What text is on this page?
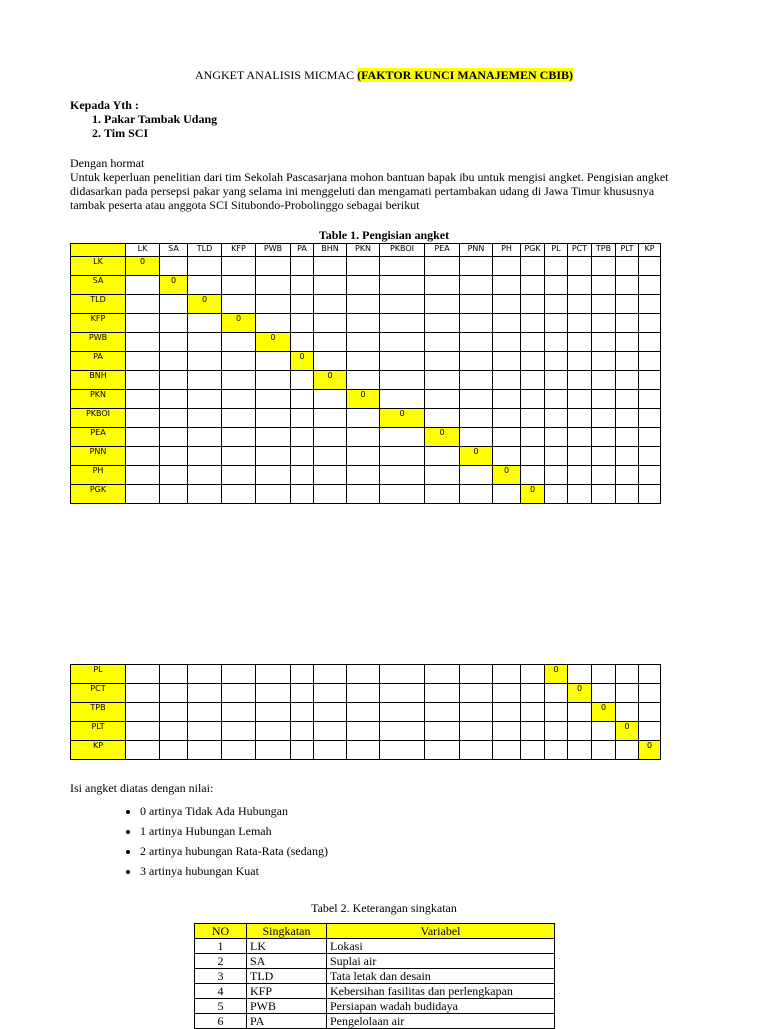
ANGKET ANALISIS MICMAC (FAKTOR KUNCI MANAJEMEN CBIB)
Kepada Yth :
1. Pakar Tambak Udang
2. Tim SCI
Dengan hormat
Untuk keperluan penelitian dari tim Sekolah Pascasarjana mohon bantuan bapak ibu untuk mengisi angket. Pengisian angket didasarkan pada persepsi pakar yang selama ini menggeluti dan mengamati pertambakan udang di Jawa Timur khususnya tambak peserta atau anggota SCI Situbondo-Probolinggo sebagai berikut
Table 1. Pengisian angket
	LK	SA	TLD	KFP	PWB	PA	BHN	PKN	PKBOI	PEA	PNN	PH	PGK	PL	PCT	TPB	PLT	KP
LK	0																	
SA		0																
TLD			0															
KFP				0														
PWB					0													
PA						0												
BNH							0											
PKN								0										
PKBOI									0									
PEA										0								
PNN											0							
PH												0						
PGK													0					
PL														0				
PCT															0			
TPB																0		
PLT																	0	
KP																		0
Isi angket diatas dengan nilai:
• 0 artinya Tidak Ada Hubungan
• 1 artinya Hubungan Lemah
• 2 artinya hubungan Rata-Rata (sedang)
• 3 artinya hubungan Kuat
Tabel 2. Keterangan singkatan
NO	Singkatan	Variabel
1	LK	Lokasi
2	SA	Suplai air
3	TLD	Tata letak dan desain
4	KFP	Kebersihan fasilitas dan perlengkapan
5	PWB	Persiapan wadah budidaya
6	PA	Pengelolaan air
